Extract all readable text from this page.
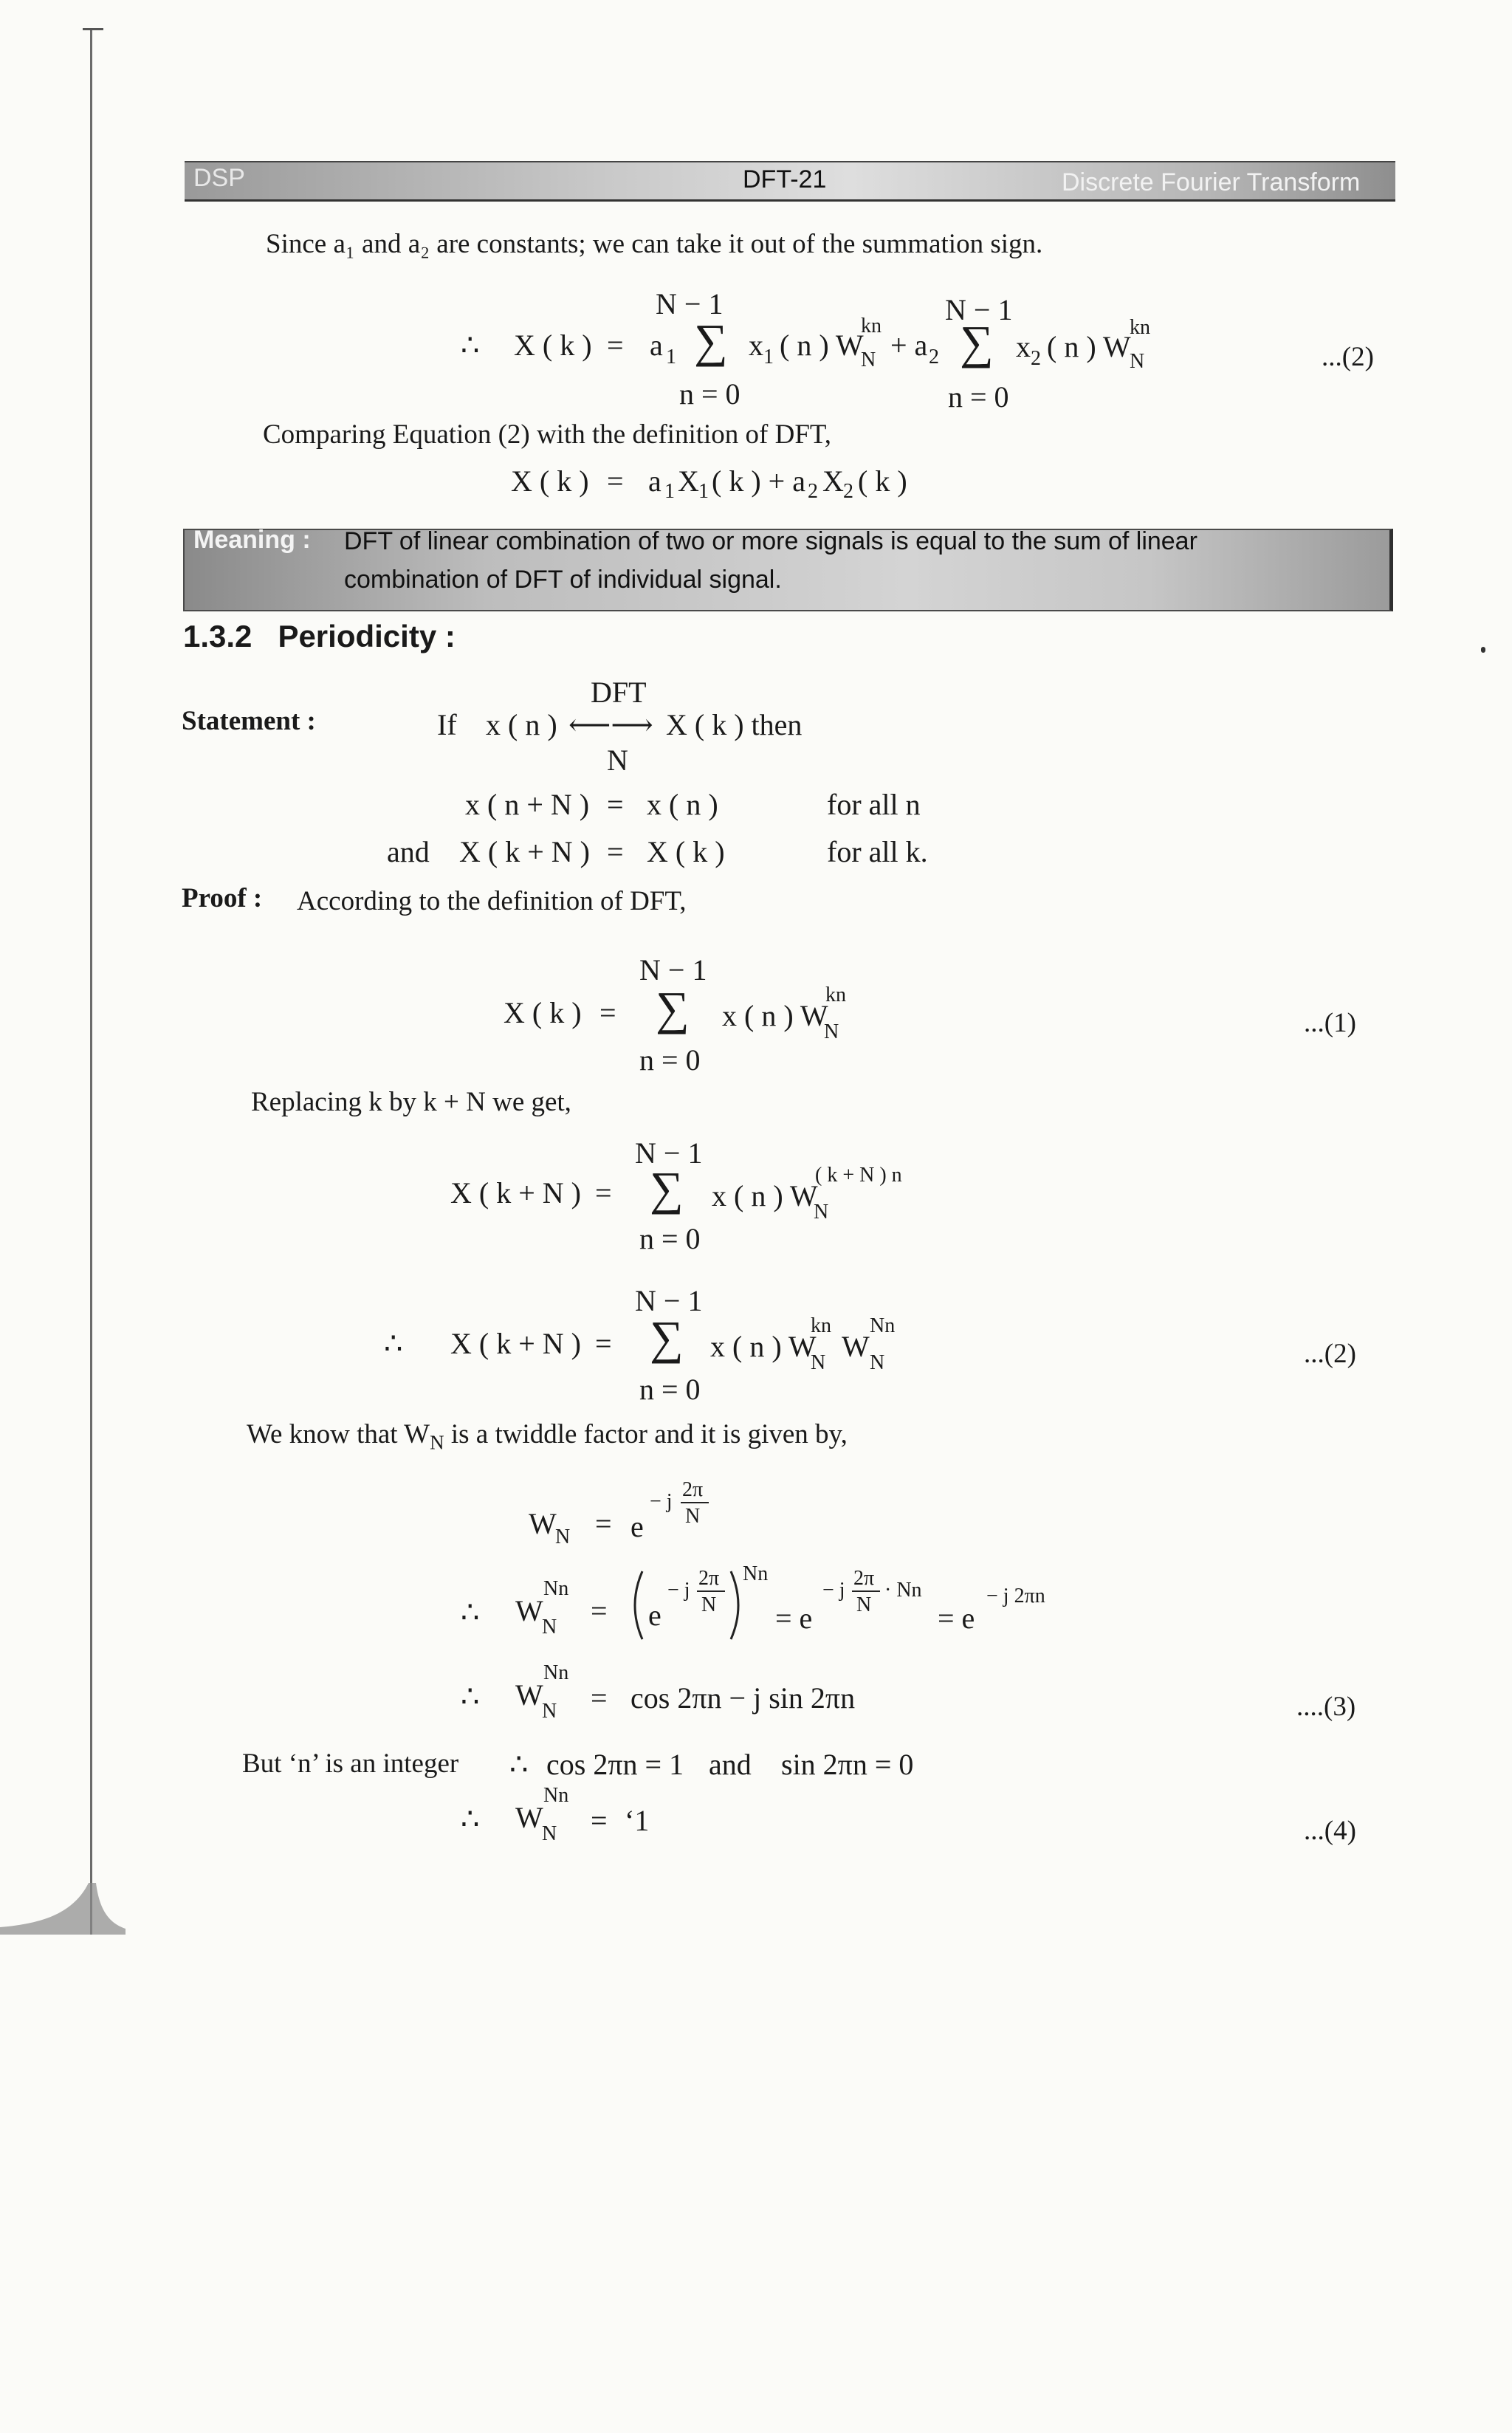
DSP	DFT-21	Discrete Fourier Transform
Since a₁ and a₂ are constants; we can take it out of the summation sign.
N − 1	N − 1
∴ X ( k ) = a 1 ∑ x 1 ( n ) W
kn
N + a 2 ∑ x 2 ( n ) W
kn
N
n = 0	n = 0
...(2)
Comparing Equation (2) with the definition of DFT,
X ( k ) = a 1 X 1 ( k ) + a 2 X 2 ( k )
Meaning : DFT of linear combination of two or more signals is equal to the sum of linear
combination of DFT of individual signal.
1.3.2 Periodicity :
DFT
Statement :	If x ( n ) ⟵⟶ X ( k ) then
N
x ( n + N ) = x ( n )	for all n
and X ( k + N ) = X ( k )	for all k.
Proof : According to the definition of DFT,
N − 1
X ( k ) = ∑ x ( n ) W
kn
N
n = 0
...(1)
Replacing k by k + N we get,
N − 1
X ( k + N ) = ∑ x ( n ) W
( k + N ) n
N
n = 0
N − 1
∴ X ( k + N ) = ∑ x ( n ) W
kn
N W
Nn
N
n = 0
...(2)
We know that $W_N$ is a twiddle factor and it is given by,
W
N = e
− j
2π
N
∴ W
Nn
N = e
− j
2π
N
Nn
= e
− j
2π
N
· Nn
= e
− j 2πn
∴ W
Nn
N = cos 2πn − j sin 2πn	....(3)
But ‘n’ is an integer ∴ cos 2πn = 1 and sin 2πn = 0
∴ W
Nn
N = ‘1	...(4)
